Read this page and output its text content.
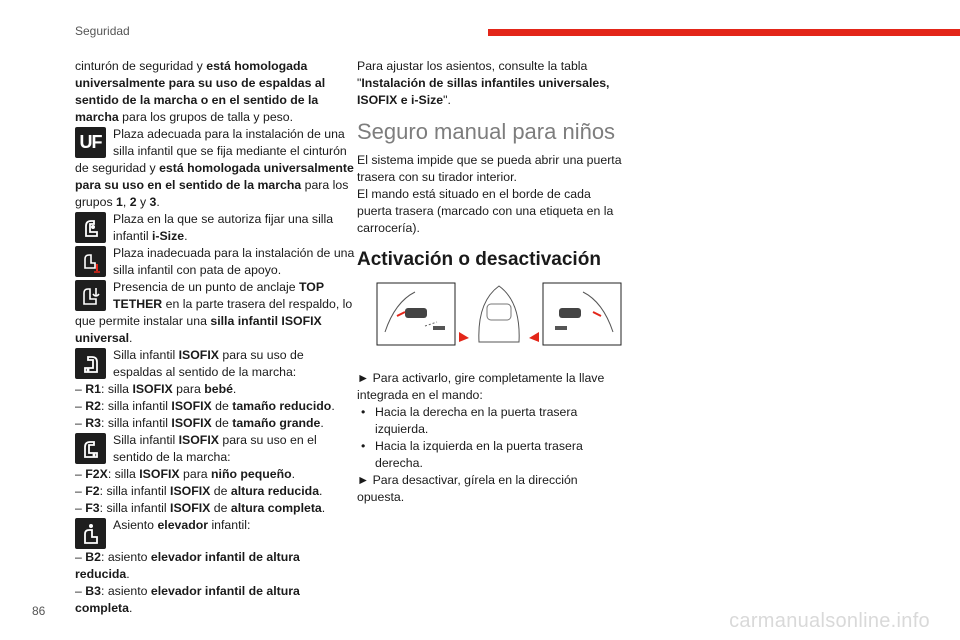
Seguridad

cinturón de seguridad y está homologada universalmente para su uso de espaldas al sentido de la marcha o en el sentido de la marcha para los grupos de talla y peso.

UF Plaza adecuada para la instalación de una silla infantil que se fija mediante el cinturón de seguridad y está homologada universalmente para su uso en el sentido de la marcha para los grupos 1, 2 y 3.

Plaza en la que se autoriza fijar una silla infantil i-Size.

Plaza inadecuada para la instalación de una silla infantil con pata de apoyo.

Presencia de un punto de anclaje TOP TETHER en la parte trasera del respaldo, lo que permite instalar una silla infantil ISOFIX universal.

Silla infantil ISOFIX para su uso de espaldas al sentido de la marcha:

– R1: silla ISOFIX para bebé.

– R2: silla infantil ISOFIX de tamaño reducido.

– R3: silla infantil ISOFIX de tamaño grande.

Silla infantil ISOFIX para su uso en el sentido de la marcha:

– F2X: silla ISOFIX para niño pequeño.

– F2: silla infantil ISOFIX de altura reducida.

– F3: silla infantil ISOFIX de altura completa.

Asiento elevador infantil:

– B2: asiento elevador infantil de altura reducida.

– B3: asiento elevador infantil de altura completa.

Para ajustar los asientos, consulte la tabla "Instalación de sillas infantiles universales, ISOFIX e i-Size".

Seguro manual para niños

El sistema impide que se pueda abrir una puerta trasera con su tirador interior.

El mando está situado en el borde de cada puerta trasera (marcado con una etiqueta en la carrocería).

Activación o desactivación

► Para activarlo, gire completamente la llave integrada en el mando:

• Hacia la derecha en la puerta trasera izquierda.

• Hacia la izquierda en la puerta trasera derecha.

► Para desactivar, gírela en la dirección opuesta.

86	carmanualsonline.info
